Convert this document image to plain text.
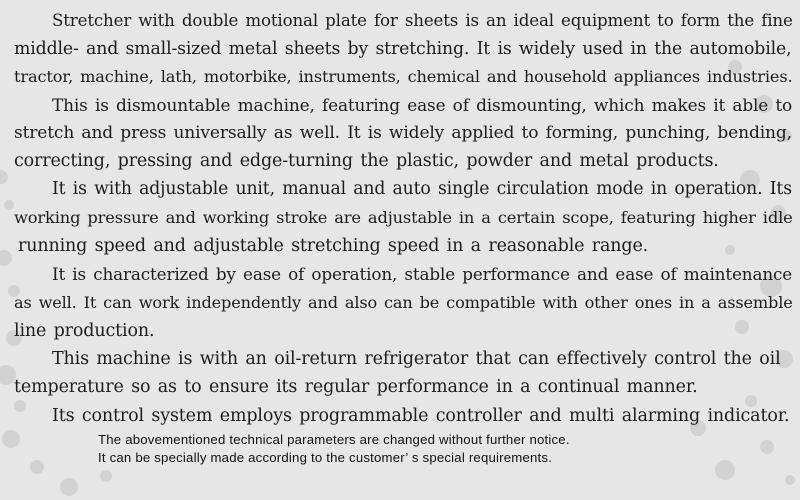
Stretcher with double motional plate for sheets is an ideal equipment to form the fine
middle- and small-sized metal sheets by stretching. It is widely used in the automobile,
tractor, machine, lath, motorbike, instruments, chemical and household appliances industries.
This is dismountable machine, featuring ease of dismounting, which makes it able to
stretch and press universally as well. It is widely applied to forming, punching, bending,
correcting, pressing and edge-turning the plastic, powder and metal products.
It is with adjustable unit, manual and auto single circulation mode in operation. Its
working pressure and working stroke are adjustable in a certain scope, featuring higher idle
running speed and adjustable stretching speed in a reasonable range.
It is characterized by ease of operation, stable performance and ease of maintenance
as well. It can work independently and also can be compatible with other ones in a assemble
line production.
This machine is with an oil-return refrigerator that can effectively control the oil
temperature so as to ensure its regular performance in a continual manner.
Its control system employs programmable controller and multi alarming indicator.
The abovementioned technical parameters are changed without further notice.
It can be specially made according to the customer’ s special requirements.
